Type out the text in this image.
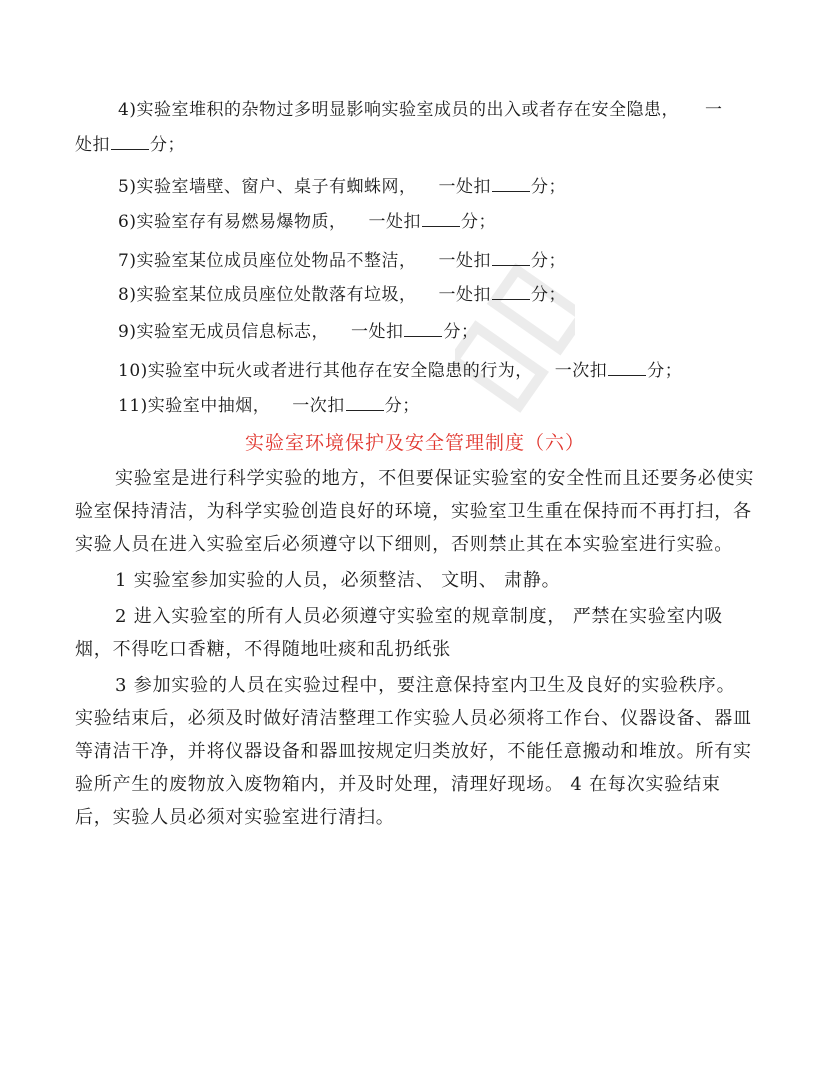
4)实验室堆积的杂物过多明显影响实验室成员的出入或者存在安全隐患， 一
处扣 分；
5)实验室墙壁、窗户、桌子有蜘蛛网， 一处扣 分；
6)实验室存有易燃易爆物质， 一处扣 分；
7)实验室某位成员座位处物品不整洁， 一处扣 分；
8)实验室某位成员座位处散落有垃圾， 一处扣 分；
9)实验室无成员信息标志， 一处扣 分；
10)实验室中玩火或者进行其他存在安全隐患的行为， 一次扣 分；
11)实验室中抽烟， 一次扣 分；
实验室环境保护及安全管理制度（六）

实验室是进行科学实验的地方，不但要保证实验室的安全性而且还要务必使实验室保持清洁，为科学实验创造良好的环境，实验室卫生重在保持而不再打扫，各实验人员在进入实验室后必须遵守以下细则，否则禁止其在本实验室进行实验。

1 实验室参加实验的人员，必须整洁、 文明、 肃静。

2 进入实验室的所有人员必须遵守实验室的规章制度， 严禁在实验室内吸烟，不得吃口香糖，不得随地吐痰和乱扔纸张

3 参加实验的人员在实验过程中，要注意保持室内卫生及良好的实验秩序。 实验结束后，必须及时做好清洁整理工作实验人员必须将工作台、仪器设备、器皿等清洁干净，并将仪器设备和器皿按规定归类放好，不能任意搬动和堆放。所有实验所产生的废物放入废物箱内，并及时处理，清理好现场。 4 在每次实验结束后，实验人员必须对实验室进行清扫。
